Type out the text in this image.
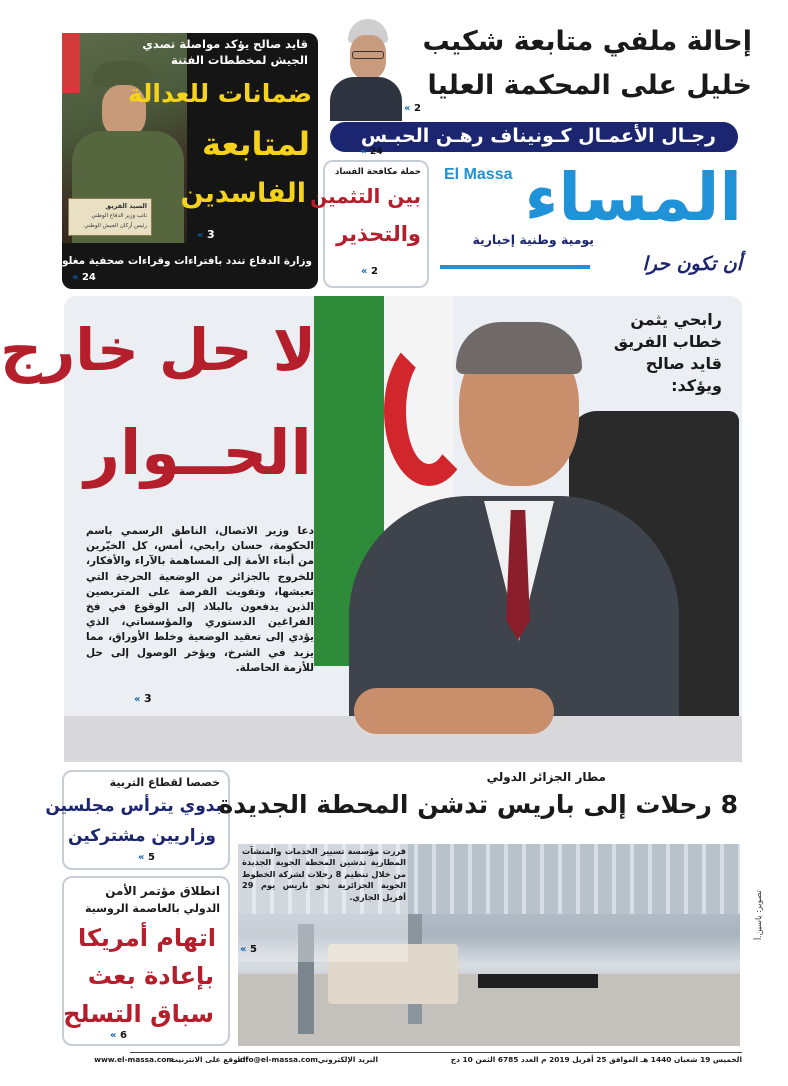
السيد الفريق
نائب وزير الدفاع الوطني
رئيس أركان الجيش الوطني
قايد صالح يؤكد مواصلة تصدي
الجيش لمخططات الفتنة
ضمانات للعدالة
لمتابعة
الفاسدين
3 »
وزارة الدفاع تندد بافتراءات وقراءات صحفية مغلوطة
24 »
إحالة ملفي متابعة شكيب
خليل على المحكمة العليا
2 »
رجـال الأعمـال كـونيناف رهـن الحبـس
24 »
حملة مكافحة الفساد
بين التثمين
والتحذير
2 »
El Massa المساء
يومية وطنية إخبارية
أن تكون حرا
رابحي يثمن
خطاب الفريق
قايد صالح
ويؤكد:
لا حل خارج
الحــوار

دعا وزير الاتصال، الناطق الرسمي باسم الحكومة، حسان رابحي، أمس، كل الخيّرين من أبناء الأمة إلى المساهمة بالآراء والأفكار، للخروج بالجزائر من الوضعية الحرجة التي تعيشها، وتفويت الفرصة على المتربصين الذين يدفعون بالبلاد إلى الوقوع في فخ الفراغين الدستوري والمؤسساتي، الذي يؤدي إلى تعقيد الوضعية وخلط الأوراق، مما يزيد في الشرخ، ويؤخر الوصول إلى حل للأزمة الحاصلة.

3 »
خصصا لقطاع التربية
بدوي يترأس مجلسين
وزاريين مشتركين
5 »
انطلاق مؤتمر الأمن
الدولي بالعاصمة الروسية
اتهام أمريكا
بإعادة بعث
سباق التسلح
6 »
مطار الجزائر الدولي
8 رحلات إلى باريس تدشن المحطة الجديدة

قررت مؤسسة تسيير الخدمات والمنشآت المطارية تدشين المحطة الجوية الجديدة من خلال تنظيم 8 رحلات لشركة الخطوط الجوية الجزائرية نحو باريس يوم 29 أفريل الجاري.

5 »
تصوير: ياسين.أ
الخميس 19 شعبان 1440 هـ الموافق 25 أفريل 2019 م العدد 6785 الثمن 10 دج
البريد الإلكتروني
info@el-massa.com
الموقع على الانترنيت
www.el-massa.com
